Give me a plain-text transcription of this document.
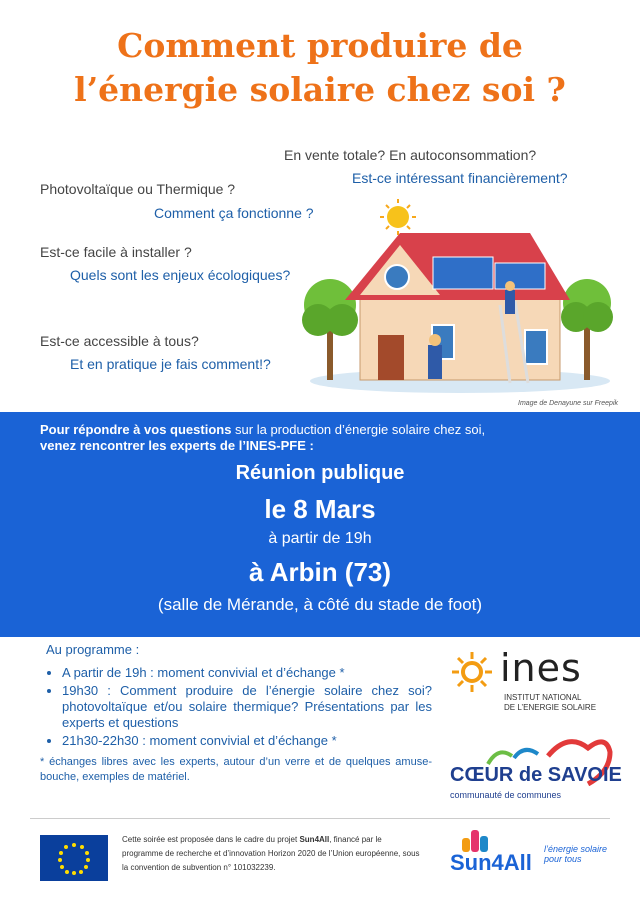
Comment produire de
l’énergie solaire chez soi ?
En vente totale? En autoconsommation?
Est-ce intéressant financièrement?
Photovoltaïque ou Thermique ?
Comment ça fonctionne ?
Est-ce facile à installer ?
Quels sont les enjeux écologiques?
Est-ce accessible à tous?
Et en pratique je fais comment!?
Image de Denayune sur Freepik
Pour répondre à vos questions sur la production d’énergie solaire chez soi,
venez rencontrer les experts de l’INES-PFE :
Réunion publique
le 8 Mars
à partir de 19h
à Arbin (73)
(salle de Mérande, à côté du stade de foot)
Au programme :
• A partir de 19h : moment convivial et d’échange *
• 19h30 : Comment produire de l’énergie solaire chez soi? photovoltaïque et/ou solaire thermique? Présentations par les experts et questions
• 21h30-22h30 : moment convivial et d’échange *
* échanges libres avec les experts, autour d’un verre et de quelques amuse-bouche, exemples de matériel.
ines
INSTITUT NATIONAL
DE L’ENERGIE SOLAIRE
CŒUR de SAVOIE
communauté de communes
Cette soirée est proposée dans le cadre du projet Sun4All, financé par le programme de recherche et d’innovation Horizon 2020 de l’Union européenne, sous la convention de subvention n° 101032239.	Sun4All
l’énergie solaire pour tous
